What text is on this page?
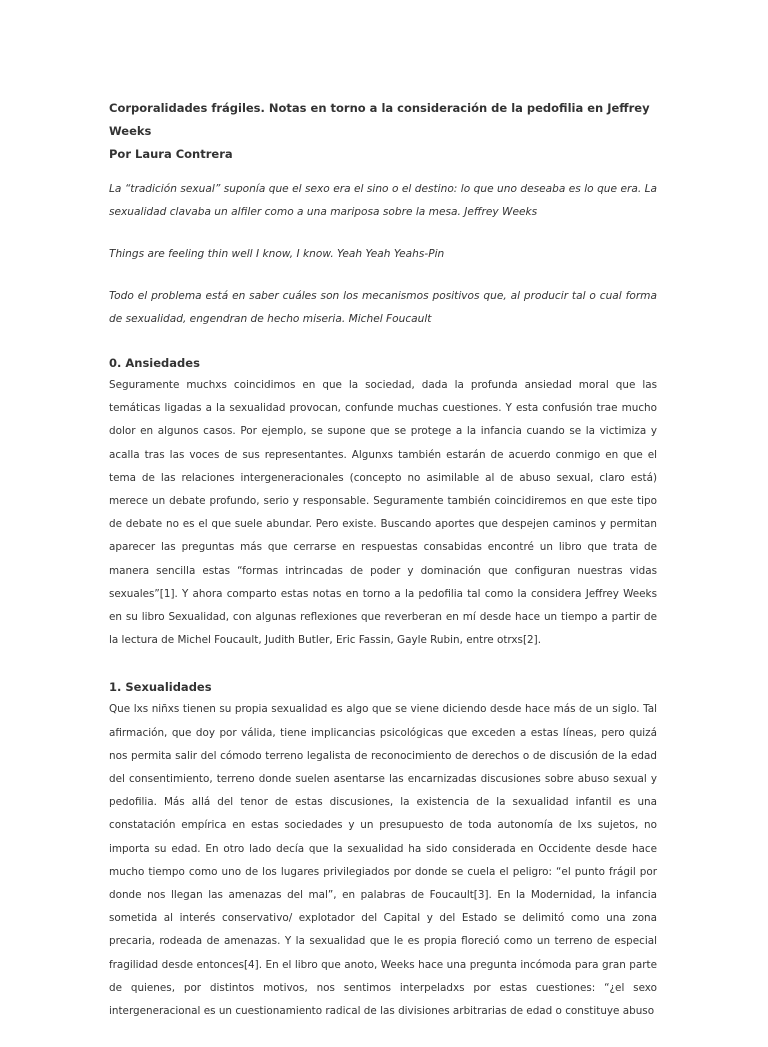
Corporalidades frágiles. Notas en torno a la consideración de la pedofilia en Jeffrey Weeks

Por Laura Contrera

La “tradición sexual” suponía que el sexo era el sino o el destino: lo que uno deseaba es lo que era. La sexualidad clavaba un alfiler como a una mariposa sobre la mesa. Jeffrey Weeks

Things are feeling thin well I know, I know. Yeah Yeah Yeahs-Pin

Todo el problema está en saber cuáles son los mecanismos positivos que, al producir tal o cual forma de sexualidad, engendran de hecho miseria. Michel Foucault

0. Ansiedades

Seguramente muchxs coincidimos en que la sociedad, dada la profunda ansiedad moral que las temáticas ligadas a la sexualidad provocan, confunde muchas cuestiones. Y esta confusión trae mucho dolor en algunos casos. Por ejemplo, se supone que se protege a la infancia cuando se la victimiza y acalla tras las voces de sus representantes. Algunxs también estarán de acuerdo conmigo en que el tema de las relaciones intergeneracionales (concepto no asimilable al de abuso sexual, claro está) merece un debate profundo, serio y responsable. Seguramente también coincidiremos en que este tipo de debate no es el que suele abundar. Pero existe. Buscando aportes que despejen caminos y permitan aparecer las preguntas más que cerrarse en respuestas consabidas encontré un libro que trata de manera sencilla estas “formas intrincadas de poder y dominación que configuran nuestras vidas sexuales”[1]. Y ahora comparto estas notas en torno a la pedofilia tal como la considera Jeffrey Weeks en su libro Sexualidad, con algunas reflexiones que reverberan en mí desde hace un tiempo a partir de la lectura de Michel Foucault, Judith Butler, Eric Fassin, Gayle Rubin, entre otrxs[2].

1. Sexualidades

Que lxs niñxs tienen su propia sexualidad es algo que se viene diciendo desde hace más de un siglo. Tal afirmación, que doy por válida, tiene implicancias psicológicas que exceden a estas líneas, pero quizá nos permita salir del cómodo terreno legalista de reconocimiento de derechos o de discusión de la edad del consentimiento, terreno donde suelen asentarse las encarnizadas discusiones sobre abuso sexual y pedofilia. Más allá del tenor de estas discusiones, la existencia de la sexualidad infantil es una constatación empírica en estas sociedades y un presupuesto de toda autonomía de lxs sujetos, no importa su edad. En otro lado decía que la sexualidad ha sido considerada en Occidente desde hace mucho tiempo como uno de los lugares privilegiados por donde se cuela el peligro: “el punto frágil por donde nos llegan las amenazas del mal”, en palabras de Foucault[3]. En la Modernidad, la infancia sometida al interés conservativo/ explotador del Capital y del Estado se delimitó como una zona precaria, rodeada de amenazas. Y la sexualidad que le es propia floreció como un terreno de especial fragilidad desde entonces[4]. En el libro que anoto, Weeks hace una pregunta incómoda para gran parte de quienes, por distintos motivos, nos sentimos interpeladxs por estas cuestiones: “¿el sexo intergeneracional es un cuestionamiento radical de las divisiones arbitrarias de edad o constituye abuso
